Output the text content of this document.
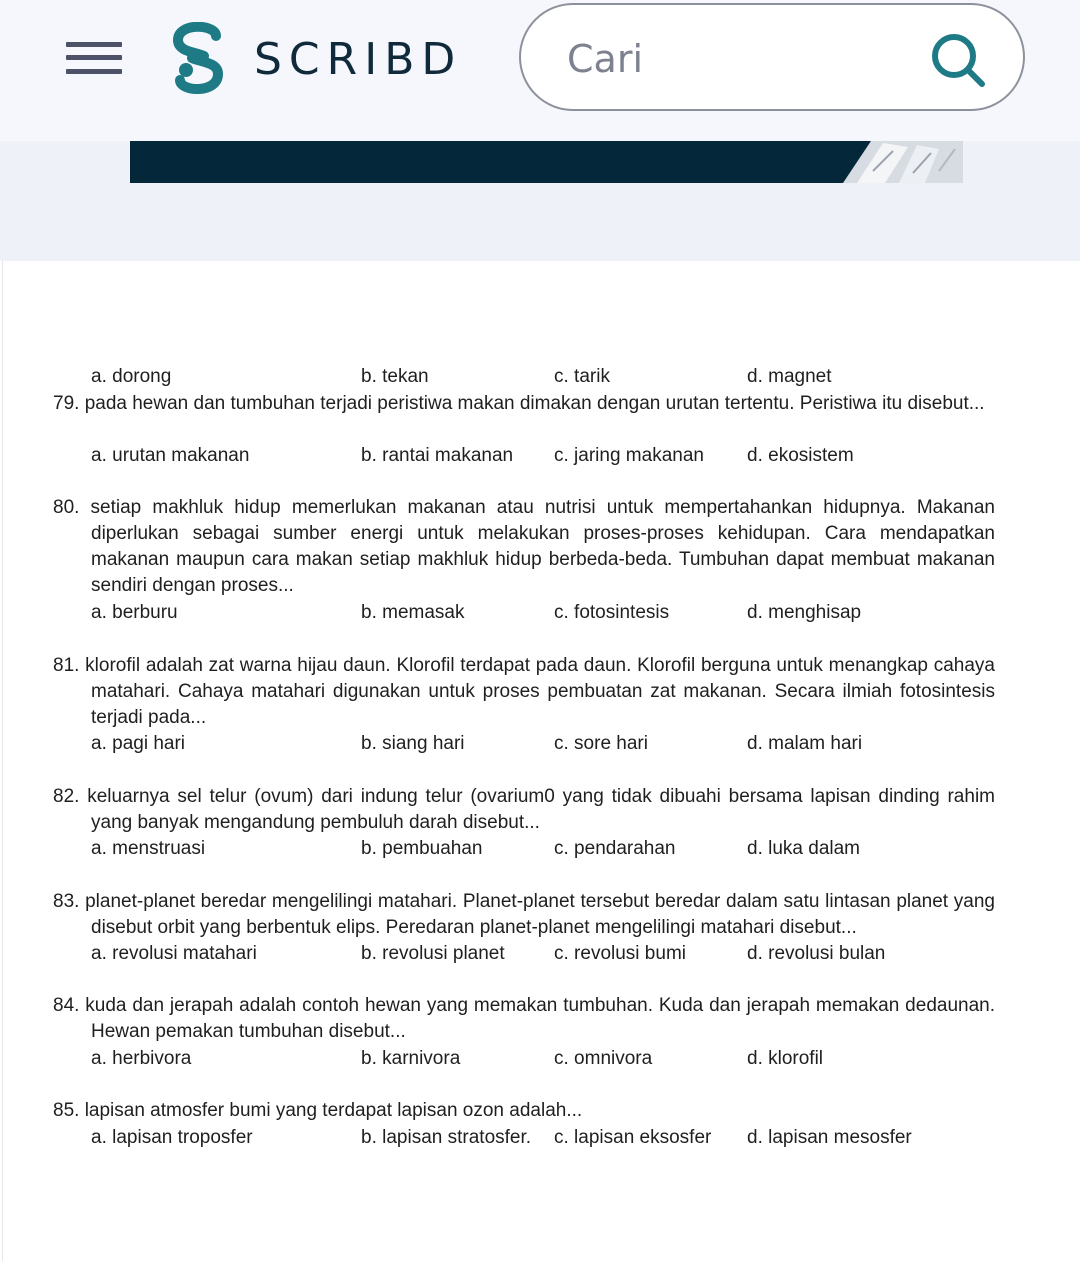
SCRIBD
Cari
a. dorong	b. tekan	c. tarik	d. magnet
79. pada hewan dan tumbuhan terjadi peristiwa makan dimakan dengan urutan tertentu. Peristiwa itu disebut...
a. urutan makanan	b. rantai makanan c. jaring makanan d. ekosistem
80. setiap makhluk hidup memerlukan makanan atau nutrisi untuk mempertahankan hidupnya. Makanan diperlukan sebagai sumber energi untuk melakukan proses-proses kehidupan. Cara mendapatkan makanan maupun cara makan setiap makhluk hidup berbeda-beda. Tumbuhan dapat membuat makanan sendiri dengan proses...
a. berburu	b. memasak	c. fotosintesis	d. menghisap
81. klorofil adalah zat warna hijau daun. Klorofil terdapat pada daun. Klorofil berguna untuk menangkap cahaya matahari. Cahaya matahari digunakan untuk proses pembuatan zat makanan. Secara ilmiah fotosintesis terjadi pada...
a. pagi hari	b. siang hari	c. sore hari	d. malam hari
82. keluarnya sel telur (ovum) dari indung telur (ovarium0 yang tidak dibuahi bersama lapisan dinding rahim yang banyak mengandung pembuluh darah disebut...
a. menstruasi	b. pembuahan	c. pendarahan	d. luka dalam
83. planet-planet beredar mengelilingi matahari. Planet-planet tersebut beredar dalam satu lintasan planet yang disebut orbit yang berbentuk elips. Peredaran planet-planet mengelilingi matahari disebut...
a. revolusi matahari	b. revolusi planet	c. revolusi bumi	d. revolusi bulan
84. kuda dan jerapah adalah contoh hewan yang memakan tumbuhan. Kuda dan jerapah memakan dedaunan. Hewan pemakan tumbuhan disebut...
a. herbivora	b. karnivora	c. omnivora	d. klorofil
85. lapisan atmosfer bumi yang terdapat lapisan ozon adalah...
a. lapisan troposfer	b. lapisan stratosfer. c. lapisan eksosfer d. lapisan mesosfer
